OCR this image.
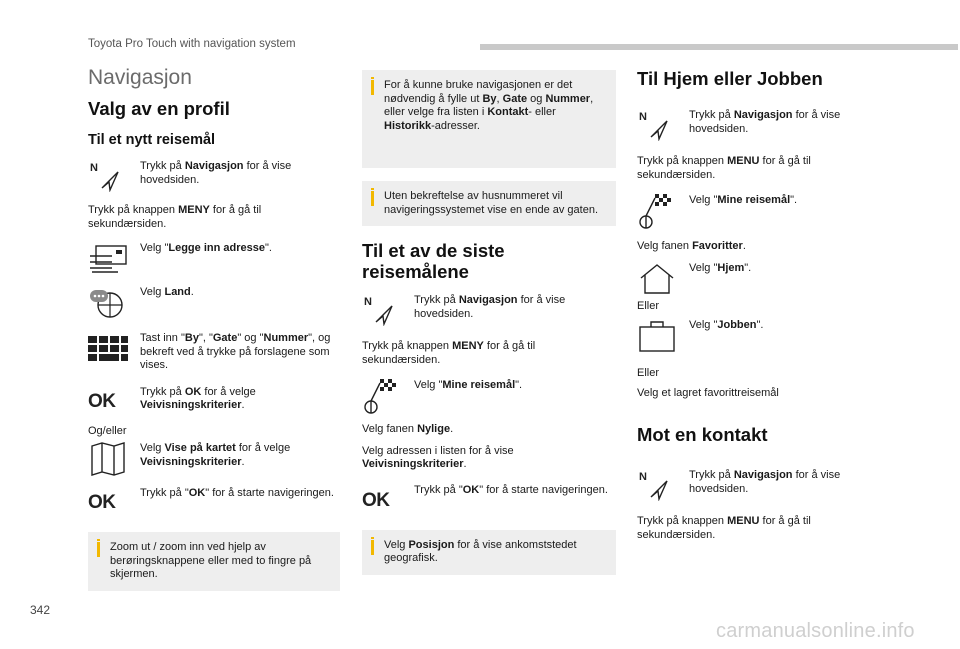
Toyota Pro Touch with navigation system
Navigasjon
Valg av en profil
Til et nytt reisemål
N	Trykk på Navigasjon for å vise hovedsiden.
Trykk på knappen MENY for å gå til sekundærsiden.
Velg "Legge inn adresse".
Velg Land.
Tast inn "By", "Gate" og "Nummer", og bekreft ved å trykke på forslagene som vises.
OK Trykk på OK for å velge Veivisningskriterier.
Og/eller
Velg Vise på kartet for å velge Veivisningskriterier.
OK Trykk på "OK" for å starte navigeringen.
Zoom ut / zoom inn ved hjelp av berøringsknappene eller med to fingre på skjermen.
For å kunne bruke navigasjonen er det nødvendig å fylle ut By, Gate og Nummer, eller velge fra listen i Kontakt- eller Historikk-adresser.
Uten bekreftelse av husnummeret vil navigeringssystemet vise en ende av gaten.
Til et av de siste reisemålene
N	Trykk på Navigasjon for å vise hovedsiden.
Trykk på knappen MENY for å gå til sekundærsiden.
Velg "Mine reisemål".
Velg fanen Nylige.
Velg adressen i listen for å vise Veivisningskriterier.
OK Trykk på "OK" for å starte navigeringen.
Velg Posisjon for å vise ankomststedet geografisk.
Til Hjem eller Jobben
N	Trykk på Navigasjon for å vise hovedsiden.
Trykk på knappen MENU for å gå til sekundærsiden.
Velg "Mine reisemål".
Velg fanen Favoritter.
Velg "Hjem".
Eller
Velg "Jobben".
Eller
Velg et lagret favorittreisemål
Mot en kontakt
N	Trykk på Navigasjon for å vise hovedsiden.
Trykk på knappen MENU for å gå til sekundærsiden.
342
carmanualsonline.info
